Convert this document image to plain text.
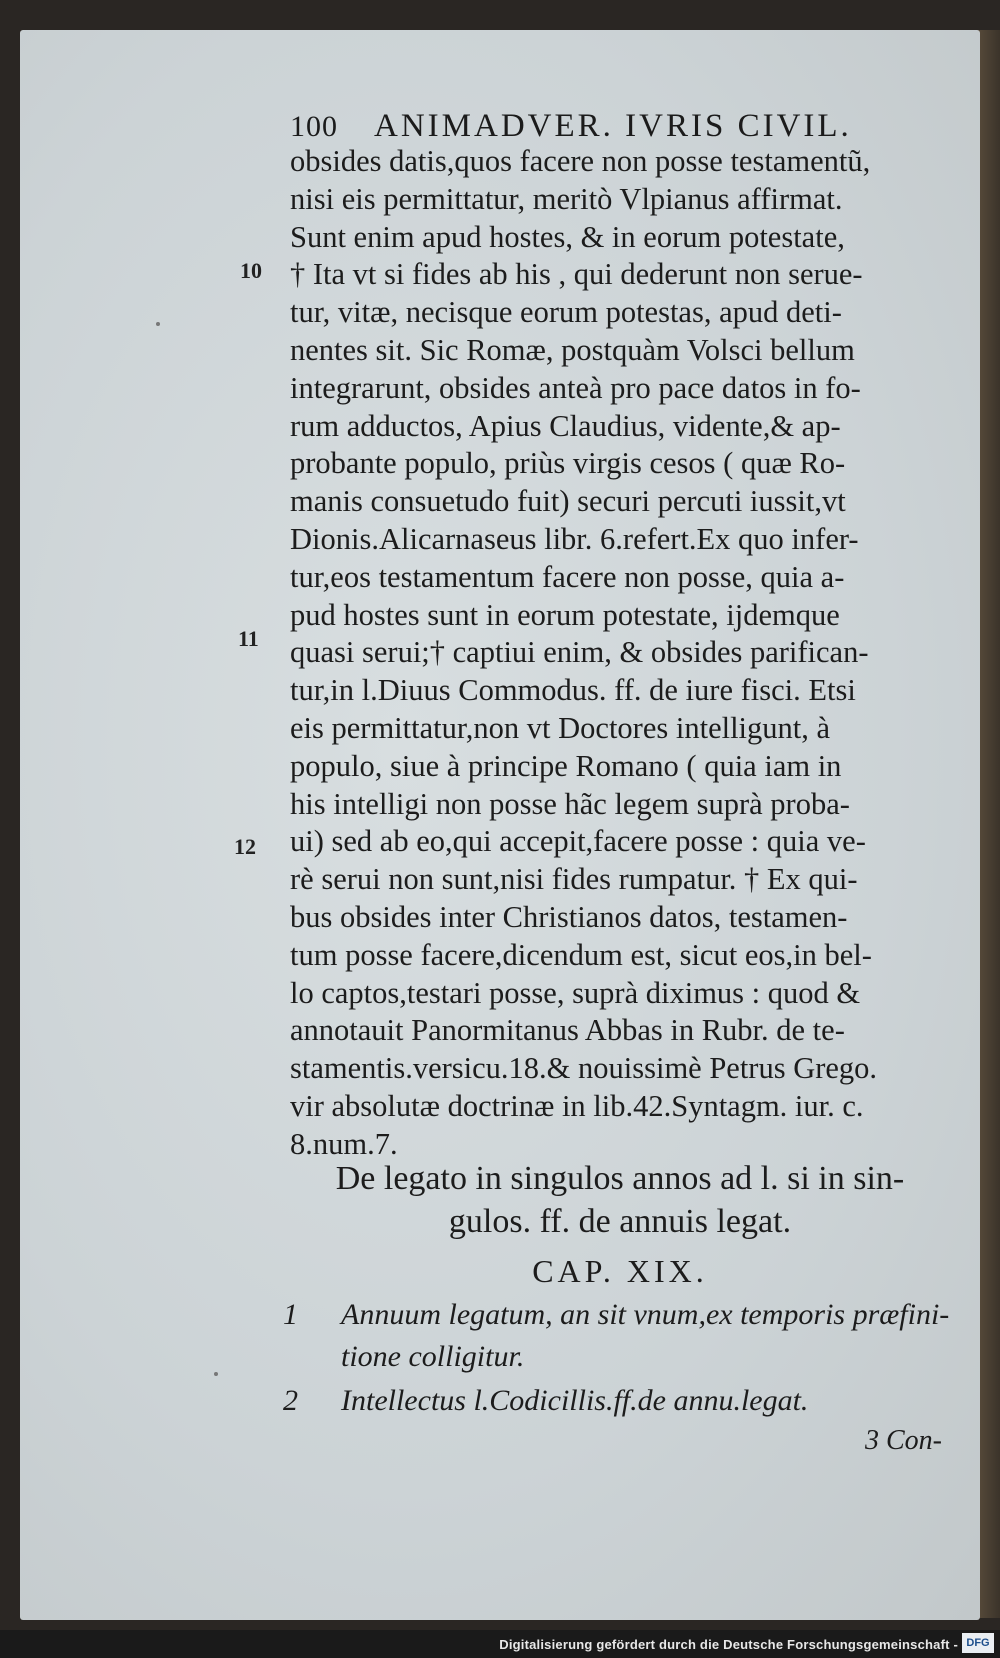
100 ANIMADVER. IVRIS CIVIL.
obsides datis,quos facere non posse testamentũ,
nisi eis permittatur, meritò Vlpianus affirmat.
Sunt enim apud hostes, & in eorum potestate,
† Ita vt si fides ab his , qui dederunt non serue-
tur, vitæ, necisque eorum potestas, apud deti-
nentes sit. Sic Romæ, postquàm Volsci bellum
integrarunt, obsides anteà pro pace datos in fo-
rum adductos, Apius Claudius, vidente,& ap-
probante populo, priùs virgis cesos ( quæ Ro-
manis consuetudo fuit) securi percuti iussit,vt
Dionis.Alicarnaseus libr. 6.refert.Ex quo infer-
tur,eos testamentum facere non posse, quia a-
pud hostes sunt in eorum potestate, ijdemque
quasi serui;† captiui enim, & obsides parifican-
tur,in l.Diuus Commodus. ff. de iure fisci. Etsi
eis permittatur,non vt Doctores intelligunt, à
populo, siue à principe Romano ( quia iam in
his intelligi non posse hãc legem suprà proba-
ui) sed ab eo,qui accepit,facere posse : quia ve-
rè serui non sunt,nisi fides rumpatur. † Ex qui-
bus obsides inter Christianos datos, testamen-
tum posse facere,dicendum est, sicut eos,in bel-
lo captos,testari posse, suprà diximus : quod &
annotauit Panormitanus Abbas in Rubr. de te-
stamentis.versicu.18.& nouissimè Petrus Grego.
vir absolutæ doctrinæ in lib.42.Syntagm. iur. c.
8.num.7.
10
11
12
De legato in singulos annos ad l. si in sin-
gulos. ff. de annuis legat.
CAP. XIX.
1 Annuum legatum, an sit vnum,ex temporis præfini-
tione colligitur.
2 Intellectus l.Codicillis.ff.de annu.legat.
3 Con-
Digitalisierung gefördert durch die Deutsche Forschungsgemeinschaft - DFG
